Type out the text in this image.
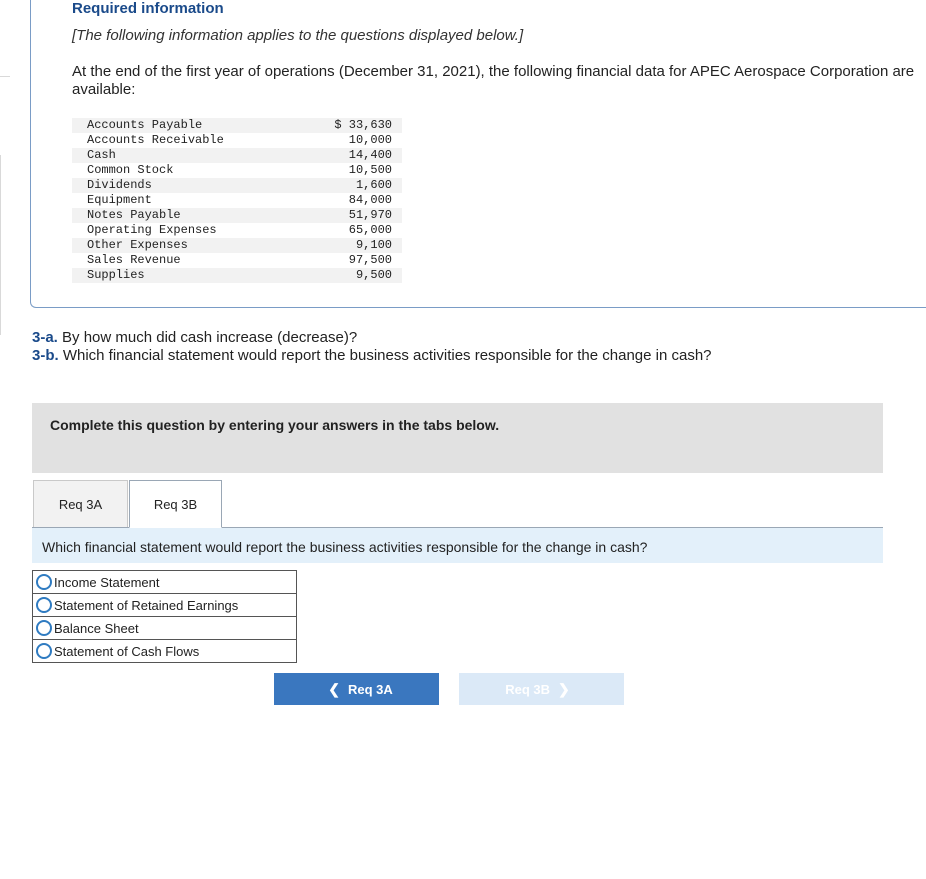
Required information
[The following information applies to the questions displayed below.]
At the end of the first year of operations (December 31, 2021), the following financial data for APEC Aerospace Corporation are available:
Accounts Payable	$ 33,630
Accounts Receivable	10,000
Cash	14,400
Common Stock	10,500
Dividends	1,600
Equipment	84,000
Notes Payable	51,970
Operating Expenses	65,000
Other Expenses	9,100
Sales Revenue	97,500
Supplies	9,500
3-a. By how much did cash increase (decrease)?
3-b. Which financial statement would report the business activities responsible for the change in cash?
Complete this question by entering your answers in the tabs below.
Req 3A	Req 3B
Which financial statement would report the business activities responsible for the change in cash?
Income Statement
Statement of Retained Earnings
Balance Sheet
Statement of Cash Flows
❮ Req 3A	Req 3B ❯
